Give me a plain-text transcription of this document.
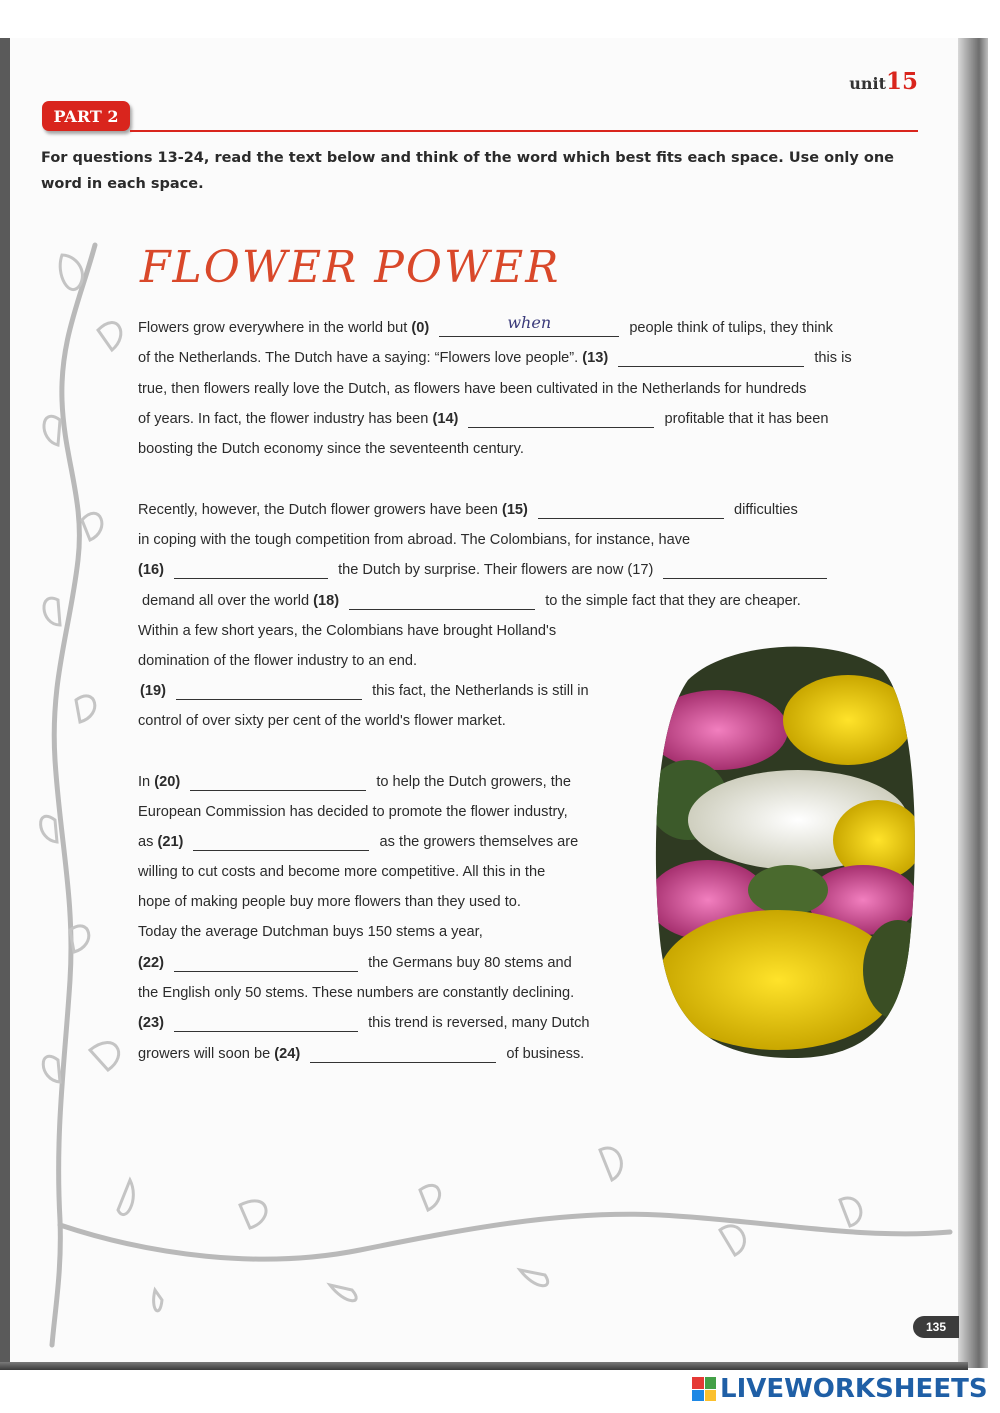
unit15
PART 2
For questions 13-24, read the text below and think of the word which best fits each space. Use only one word in each space.
FLOWER POWER
Flowers grow everywhere in the world but (0)	when	people think of tulips, they think
of the Netherlands. The Dutch have a saying: “Flowers love people”. (13)	this is
true, then flowers really love the Dutch, as flowers have been cultivated in the Netherlands for hundreds
of years. In fact, the flower industry has been (14)	profitable that it has been
boosting the Dutch economy since the seventeenth century.
Recently, however, the Dutch flower growers have been (15)	difficulties
in coping with the tough competition from abroad. The Colombians, for instance, have
(16)	the Dutch by surprise. Their flowers are now (17)
demand all over the world (18)	to the simple fact that they are cheaper.
Within a few short years, the Colombians have brought Holland's
domination of the flower industry to an end.
(19)	this fact, the Netherlands is still in
control of over sixty per cent of the world's flower market.
In (20)	to help the Dutch growers, the
European Commission has decided to promote the flower industry,
as (21)	as the growers themselves are
willing to cut costs and become more competitive. All this in the
hope of making people buy more flowers than they used to.
Today the average Dutchman buys 150 stems a year,
(22)	the Germans buy 80 stems and
the English only 50 stems. These numbers are constantly declining.
(23)	this trend is reversed, many Dutch
growers will soon be (24)	of business.
135
LIVEWORKSHEETS
